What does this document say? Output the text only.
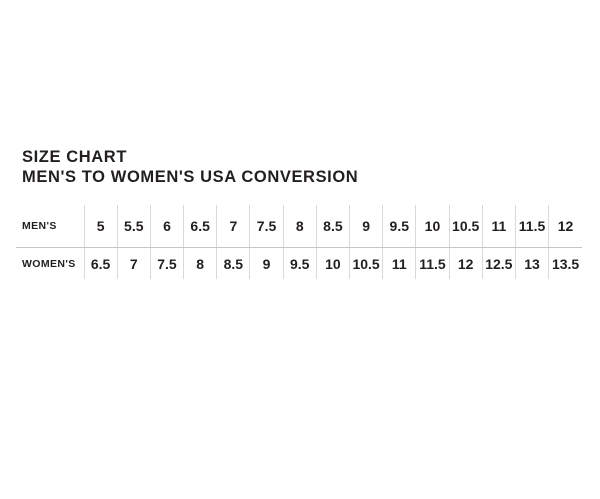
SIZE CHART
MEN'S TO WOMEN'S USA CONVERSION
MEN'S	5	5.5	6	6.5	7	7.5	8	8.5	9	9.5	10	10.5	11	11.5	12
WOMEN'S	6.5	7	7.5	8	8.5	9	9.5	10	10.5	11	11.5	12	12.5	13	13.5
